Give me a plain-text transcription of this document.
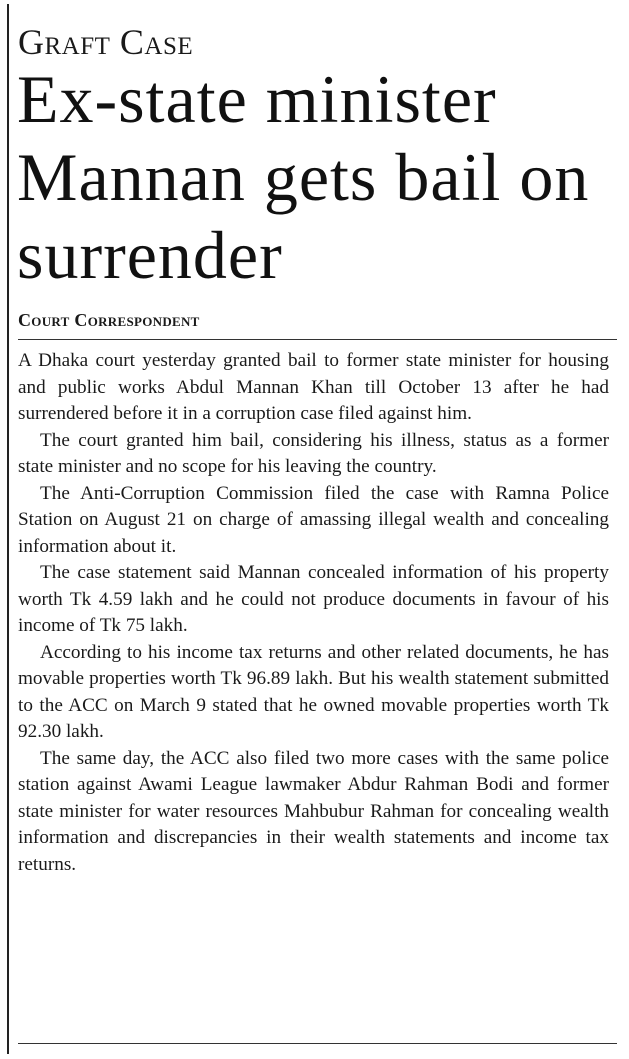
Graft Case
Ex-state minister Mannan gets bail on surrender
Court Correspondent

A Dhaka court yesterday granted bail to former state minister for housing and public works Abdul Mannan Khan till October 13 after he had surrendered before it in a corruption case filed against him.

The court granted him bail, considering his illness, status as a former state minister and no scope for his leaving the country.

The Anti-Corruption Commission filed the case with Ramna Police Station on August 21 on charge of amassing illegal wealth and concealing information about it.

The case statement said Mannan concealed information of his property worth Tk 4.59 lakh and he could not produce documents in favour of his income of Tk 75 lakh.

According to his income tax returns and other related documents, he has movable properties worth Tk 96.89 lakh. But his wealth statement submitted to the ACC on March 9 stated that he owned movable properties worth Tk 92.30 lakh.

The same day, the ACC also filed two more cases with the same police station against Awami League lawmaker Abdur Rahman Bodi and former state minister for water resources Mahbubur Rahman for concealing wealth information and discrepancies in their wealth statements and income tax returns.
